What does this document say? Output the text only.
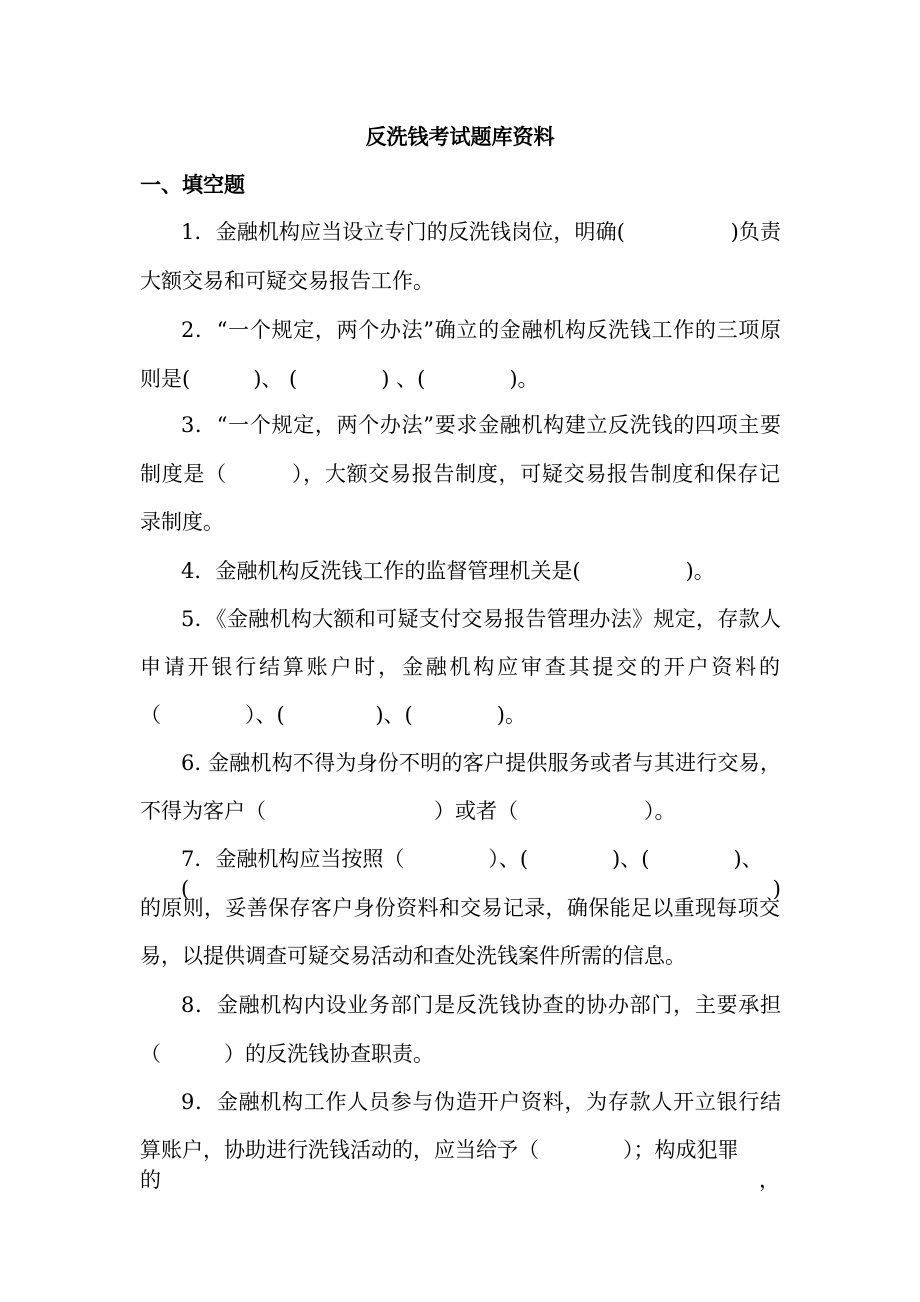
反洗钱考试题库资料
一、填空题
1．金融机构应当设立专门的反洗钱岗位，明确(　　　　　)负责
大额交易和可疑交易报告工作。
2．“一个规定，两个办法”确立的金融机构反洗钱工作的三项原
则是(　　　)、 (　　　　) 、(　　　　)。
3．“一个规定，两个办法”要求金融机构建立反洗钱的四项主要
制度是（　　　），大额交易报告制度，可疑交易报告制度和保存记
录制度。
4．金融机构反洗钱工作的监督管理机关是(　　　　　)。
5．《金融机构大额和可疑支付交易报告管理办法》规定，存款人
申请开银行结算账户时，金融机构应审查其提交的开户资料的
（　　　　）、(　　　　 )、(　　　　)。
6. 金融机构不得为身份不明的客户提供服务或者与其进行交易，
不得为客户（　　　　　　　　）或者（　　　　　　）。
7．金融机构应当按照（　　　　）、(　　　　)、(　　　　)、(　　　　)
的原则，妥善保存客户身份资料和交易记录，确保能足以重现每项交
易，以提供调查可疑交易活动和查处洗钱案件所需的信息。
8．金融机构内设业务部门是反洗钱协查的协办部门，主要承担
（　　　）的反洗钱协查职责。
9．金融机构工作人员参与伪造开户资料，为存款人开立银行结
算账户，协助进行洗钱活动的，应当给予（　　　　）；构成犯罪的，
